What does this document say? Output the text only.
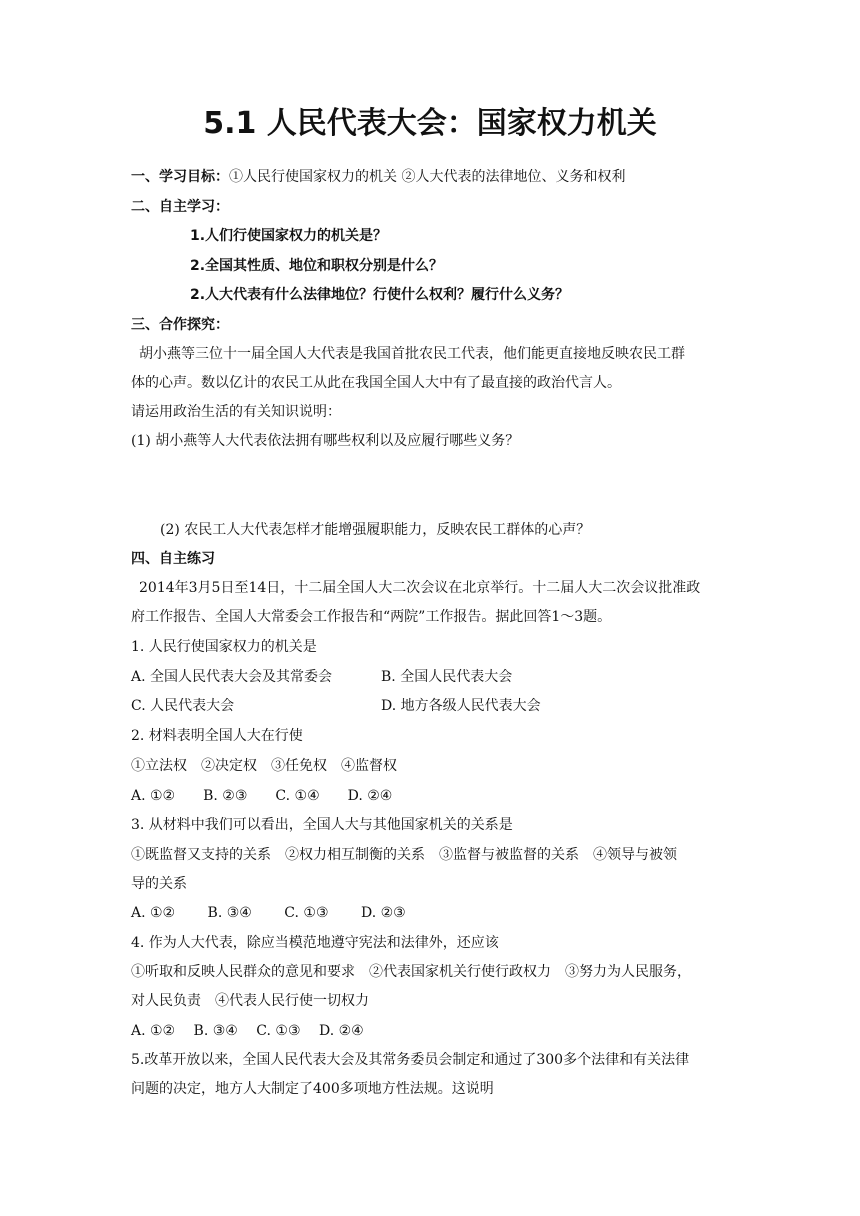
5.1 人民代表大会：国家权力机关
一、学习目标：①人民行使国家权力的机关 ②人大代表的法律地位、义务和权利
二、自主学习：
1.人们行使国家权力的机关是？
2.全国其性质、地位和职权分别是什么？
2.人大代表有什么法律地位？行使什么权利？履行什么义务？
三、合作探究：
胡小燕等三位十一届全国人大代表是我国首批农民工代表，他们能更直接地反映农民工群
体的心声。数以亿计的农民工从此在我国全国人大中有了最直接的政治代言人。
请运用政治生活的有关知识说明：
(1) 胡小燕等人大代表依法拥有哪些权利以及应履行哪些义务？
(2) 农民工人大代表怎样才能增强履职能力，反映农民工群体的心声？
四、自主练习
2014年3月5日至14日，十二届全国人大二次会议在北京举行。十二届人大二次会议批准政
府工作报告、全国人大常委会工作报告和“两院”工作报告。据此回答1～3题。
1. 人民行使国家权力的机关是
A. 全国人民代表大会及其常委会	B. 全国人民代表大会
C. 人民代表大会	D. 地方各级人民代表大会
2. 材料表明全国人大在行使
①立法权　②决定权　③任免权　④监督权
A. ①②　　B. ②③　　C. ①④　　D. ②④
3. 从材料中我们可以看出，全国人大与其他国家机关的关系是
①既监督又支持的关系　②权力相互制衡的关系　③监督与被监督的关系　④领导与被领
导的关系
A. ①②　　 B. ③④　　 C. ①③　　 D. ②③
4. 作为人大代表，除应当模范地遵守宪法和法律外，还应该
①听取和反映人民群众的意见和要求　②代表国家机关行使行政权力　③努力为人民服务，
对人民负责　④代表人民行使一切权力
A. ①②　 B. ③④　 C. ①③　 D. ②④
5.改革开放以来，全国人民代表大会及其常务委员会制定和通过了300多个法律和有关法律
问题的决定，地方人大制定了400多项地方性法规。这说明
